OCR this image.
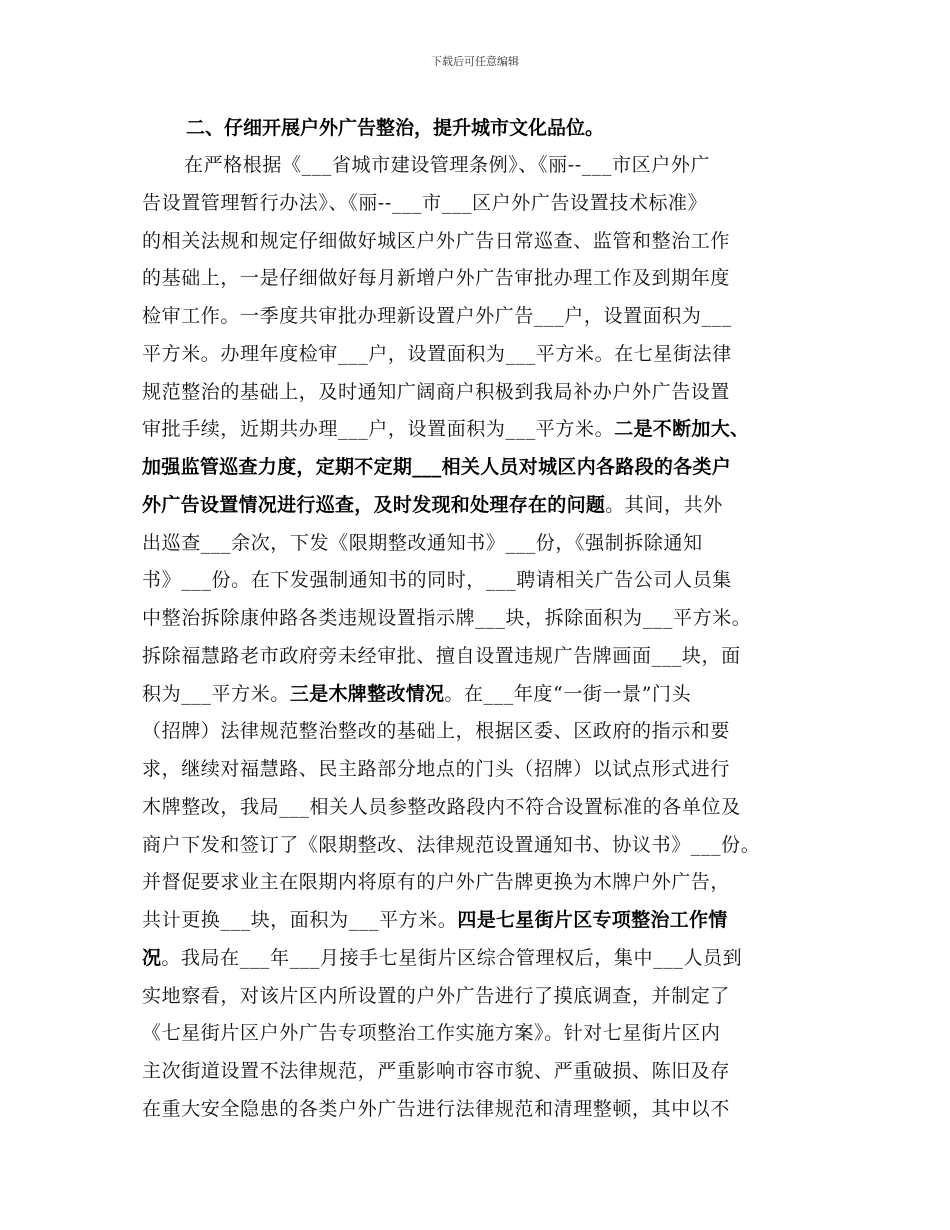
下载后可任意编辑

二、仔细开展户外广告整治，提升城市文化品位。

在严格根据《___省城市建设管理条例》、《丽--___市区户外广

告设置管理暂行办法》、《丽--___市___区户外广告设置技术标准》

的相关法规和规定仔细做好城区户外广告日常巡查、监管和整治工作

的基础上，一是仔细做好每月新增户外广告审批办理工作及到期年度

检审工作。一季度共审批办理新设置户外广告___户，设置面积为___

平方米。办理年度检审___户，设置面积为___平方米。在七星街法律

规范整治的基础上，及时通知广阔商户积极到我局补办户外广告设置

审批手续，近期共办理___户，设置面积为___平方米。二是不断加大、

加强监管巡查力度，定期不定期___相关人员对城区内各路段的各类户

外广告设置情况进行巡查，及时发现和处理存在的问题。其间，共外

出巡查___余次，下发《限期整改通知书》___份，《强制拆除通知

书》___份。在下发强制通知书的同时，___聘请相关广告公司人员集

中整治拆除康仲路各类违规设置指示牌___块，拆除面积为___平方米。

拆除福慧路老市政府旁未经审批、擅自设置违规广告牌画面___块，面

积为___平方米。三是木牌整改情况。在___年度“一街一景”门头

（招牌）法律规范整治整改的基础上，根据区委、区政府的指示和要

求，继续对福慧路、民主路部分地点的门头（招牌）以试点形式进行

木牌整改，我局___相关人员参整改路段内不符合设置标准的各单位及

商户下发和签订了《限期整改、法律规范设置通知书、协议书》___份。

并督促要求业主在限期内将原有的户外广告牌更换为木牌户外广告，

共计更换___块，面积为___平方米。四是七星街片区专项整治工作情

况。我局在___年___月接手七星街片区综合管理权后，集中___人员到

实地察看，对该片区内所设置的户外广告进行了摸底调查，并制定了

《七星街片区户外广告专项整治工作实施方案》。针对七星街片区内

主次街道设置不法律规范，严重影响市容市貌、严重破损、陈旧及存

在重大安全隐患的各类户外广告进行法律规范和清理整顿，其中以不
